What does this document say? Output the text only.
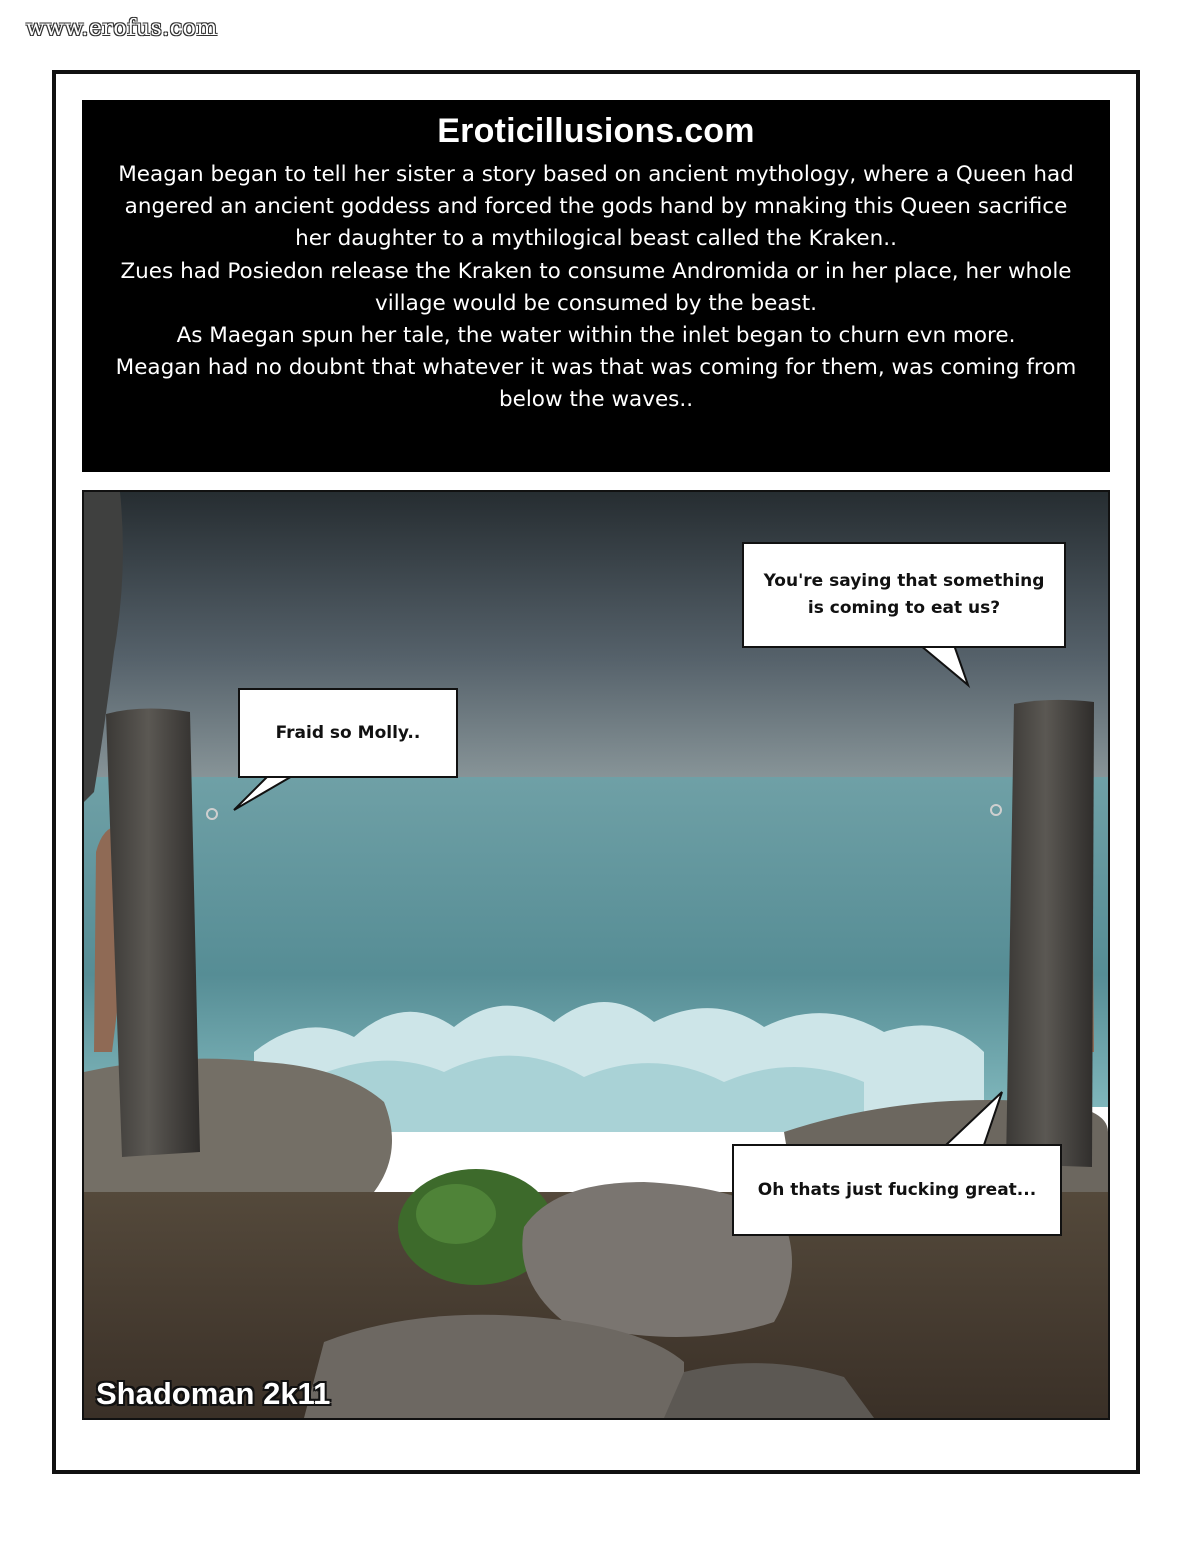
www.erofus.com
Eroticillusions.com
Meagan began to tell her sister a story based on ancient mythology, where a Queen had
angered an ancient goddess and forced the gods hand by mnaking this Queen sacrifice
her daughter to a mythilogical beast called the Kraken..
Zues had Posiedon release the Kraken to consume Andromida or in her place, her whole
village would be consumed by the beast.
As Maegan spun her tale, the water within the inlet began to churn evn more.
Meagan had no doubnt that whatever it was that was coming for them, was coming from
below the waves..
You're saying that something
is coming to eat us?
Fraid so Molly..
Oh thats just fucking great...
Shadoman 2k11
